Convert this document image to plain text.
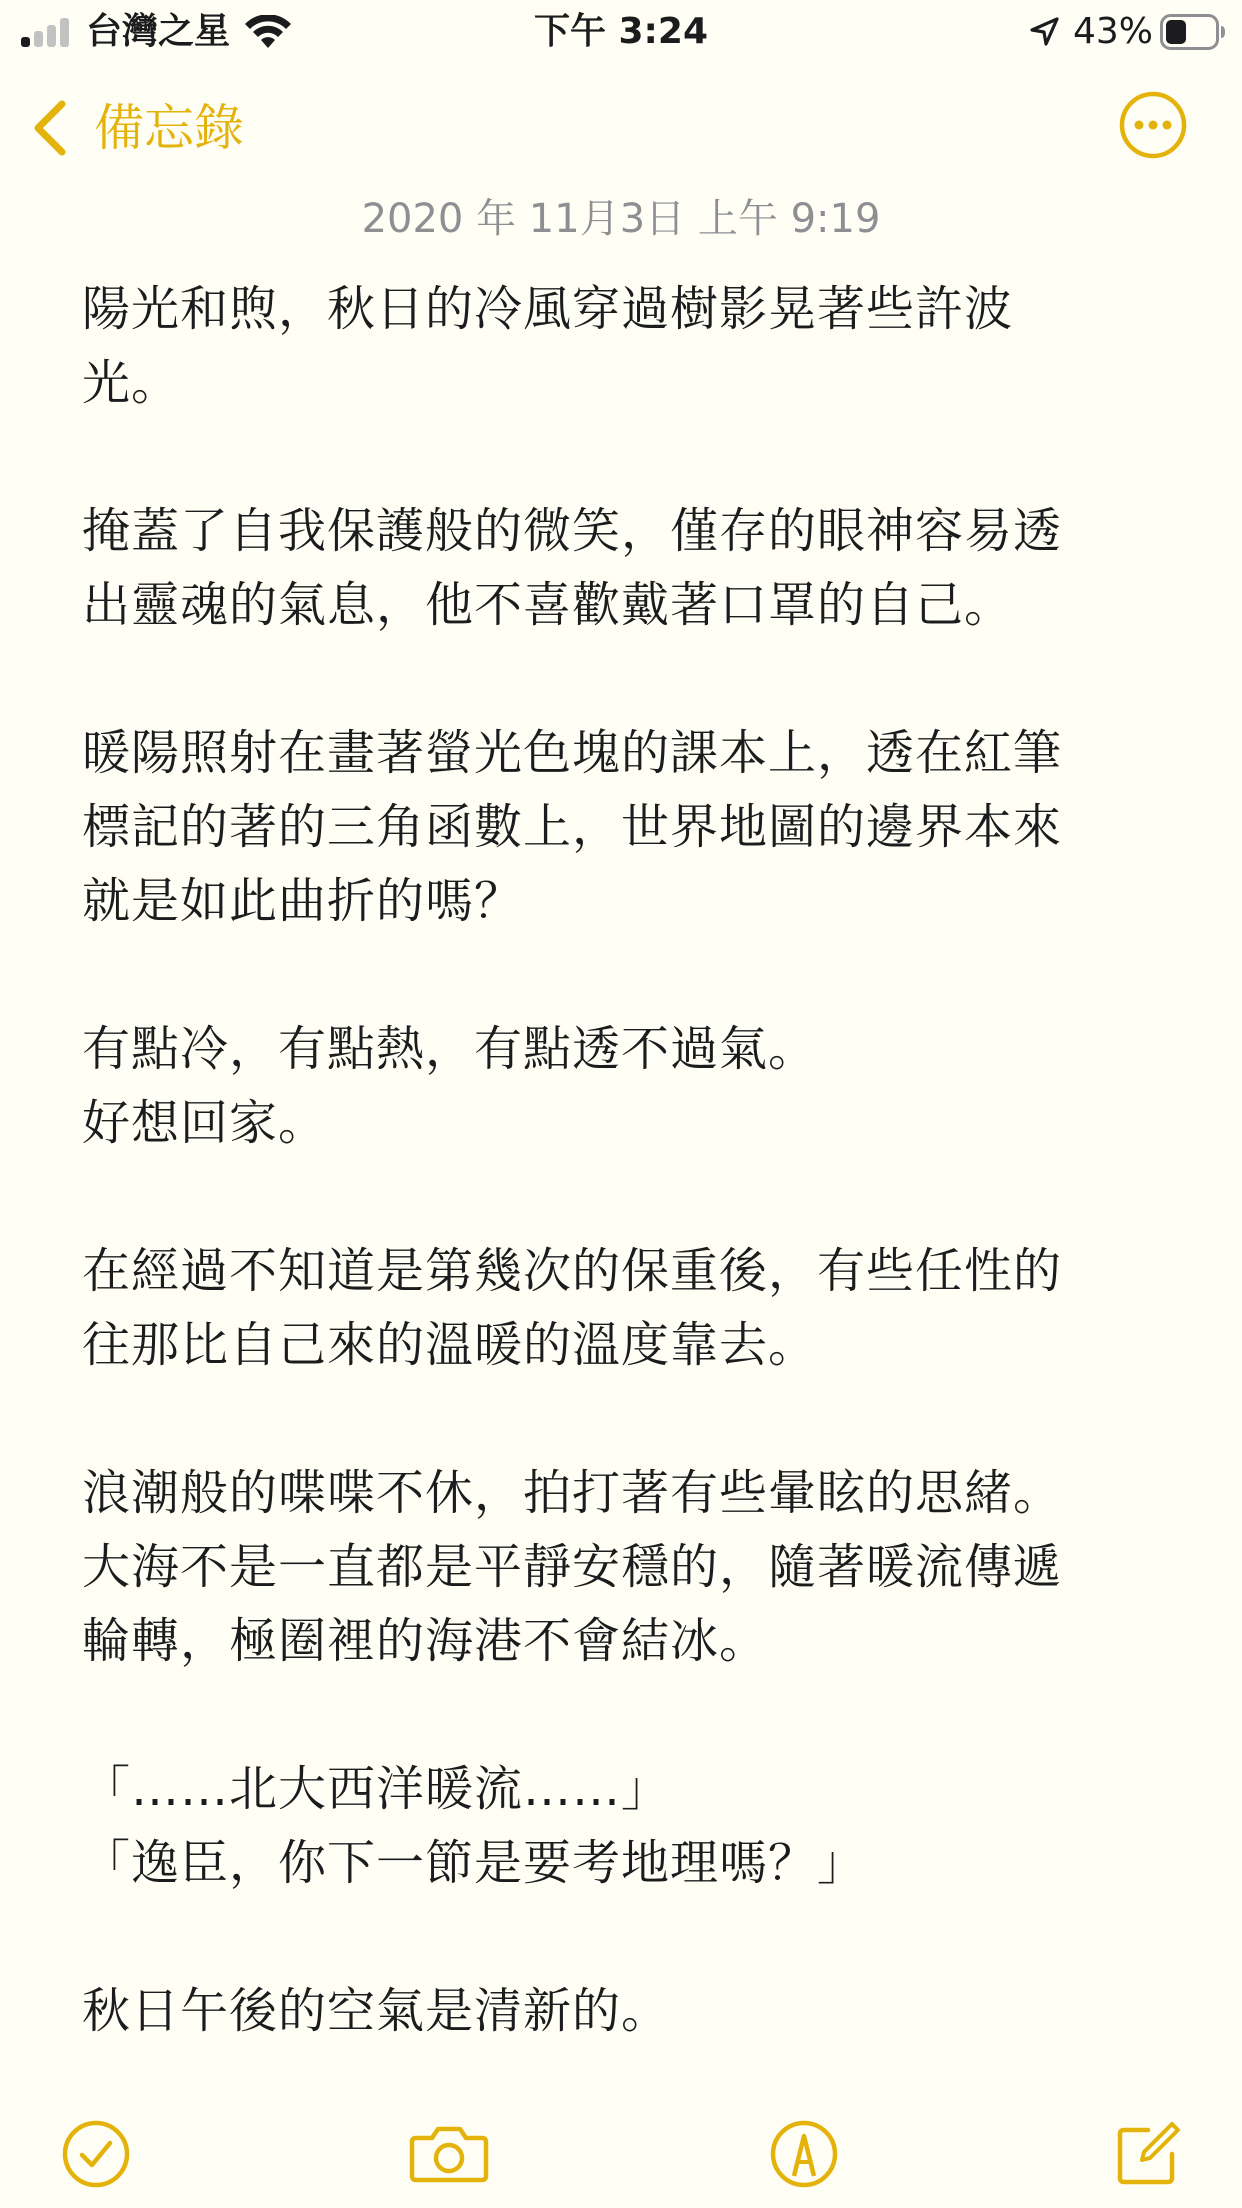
台灣之星	下午 3:24	43%
備忘錄
2020 年 11月3日 上午 9:19
陽光和煦，秋日的冷風穿過樹影晃著些許波
光。
掩蓋了自我保護般的微笑，僅存的眼神容易透
出靈魂的氣息，他不喜歡戴著口罩的自己。
暖陽照射在畫著螢光色塊的課本上，透在紅筆
標記的著的三角函數上，世界地圖的邊界本來
就是如此曲折的嗎？
有點冷，有點熱，有點透不過氣。
好想回家。
在經過不知道是第幾次的保重後，有些任性的
往那比自己來的溫暖的溫度靠去。
浪潮般的喋喋不休，拍打著有些暈眩的思緒。
大海不是一直都是平靜安穩的，隨著暖流傳遞
輪轉，極圈裡的海港不會結冰。
「……北大西洋暖流……」
「逸臣，你下一節是要考地理嗎？」
秋日午後的空氣是清新的。
